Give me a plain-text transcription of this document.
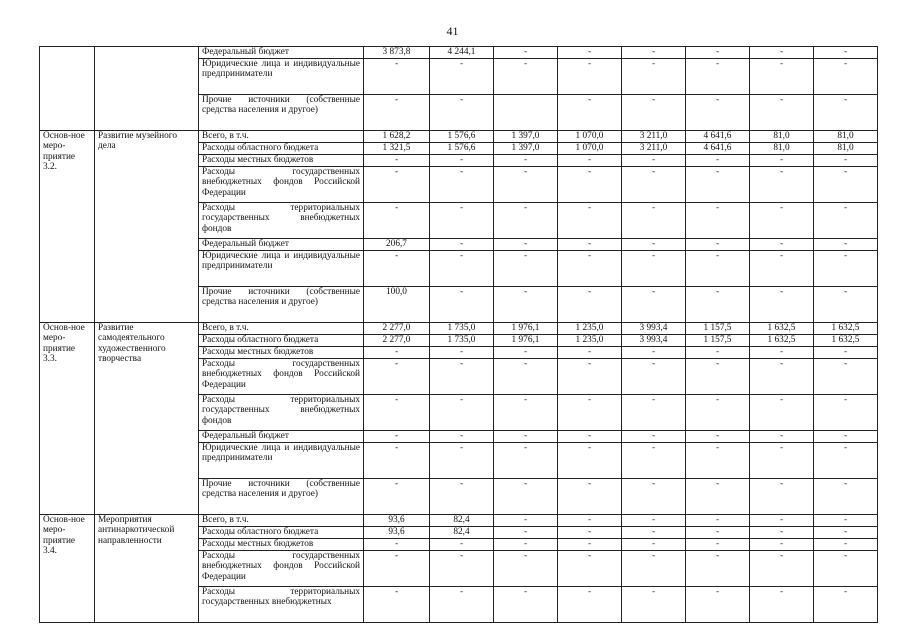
41
		Федеральный бюджет	3 873,8	4 244,1	-	-	-	-	-	-
		Юридические лица и индивидуальные предприниматели	-	-	-	-	-	-	-	-
		Прочие источники (собственные средства населения и другое)	-	-		-	-	-	-	-
Основ-ное меро-приятие 3.2.	Развитие музейного дела	Всего, в т.ч.	1 628,2	1 576,6	1 397,0	1 070,0	3 211,0	4 641,6	81,0	81,0
		Расходы областного бюджета	1 321,5	1 576,6	1 397,0	1 070,0	3 211,0	4 641,6	81,0	81,0
		Расходы местных бюджетов	-	-	-	-	-	-	-	-
		Расходы государственных внебюджетных фондов Российской Федерации	-	-	-	-	-	-	-	-
		Расходы территориальных государственных внебюджетных фондов	-	-	-	-	-	-	-	-
		Федеральный бюджет	206,7	-	-	-	-	-	-	-
		Юридические лица и индивидуальные предприниматели	-	-	-	-	-	-	-	-
		Прочие источники (собственные средства населения и другое)	100,0	-	-	-	-	-	-	-
Основ-ное меро-приятие 3.3.	Развитие самодеятельного художественного творчества	Всего, в т.ч.	2 277,0	1 735,0	1 976,1	1 235,0	3 993,4	1 157,5	1 632,5	1 632,5
		Расходы областного бюджета	2 277,0	1 735,0	1 976,1	1 235,0	3 993,4	1 157,5	1 632,5	1 632,5
		Расходы местных бюджетов	-	-	-	-	-	-	-	-
		Расходы государственных внебюджетных фондов Российской Федерации	-	-	-	-	-	-	-	-
		Расходы территориальных государственных внебюджетных фондов	-	-	-	-	-	-	-	-
		Федеральный бюджет	-	-	-	-	-	-	-	-
		Юридические лица и индивидуальные предприниматели	-	-	-	-	-	-	-	-
		Прочие источники (собственные средства населения и другое)	-	-	-	-	-	-	-	-
Основ-ное меро-приятие 3.4.	Мероприятия антинаркотической направленности	Всего, в т.ч.	93,6	82,4	-	-	-	-	-	-
		Расходы областного бюджета	93,6	82,4	-	-	-	-	-	-
		Расходы местных бюджетов	-	-	-	-	-	-	-	-
		Расходы государственных внебюджетных фондов Российской Федерации	-	-	-	-	-	-	-	-
		Расходы территориальных государственных внебюджетных	-	-	-	-	-	-	-	-
